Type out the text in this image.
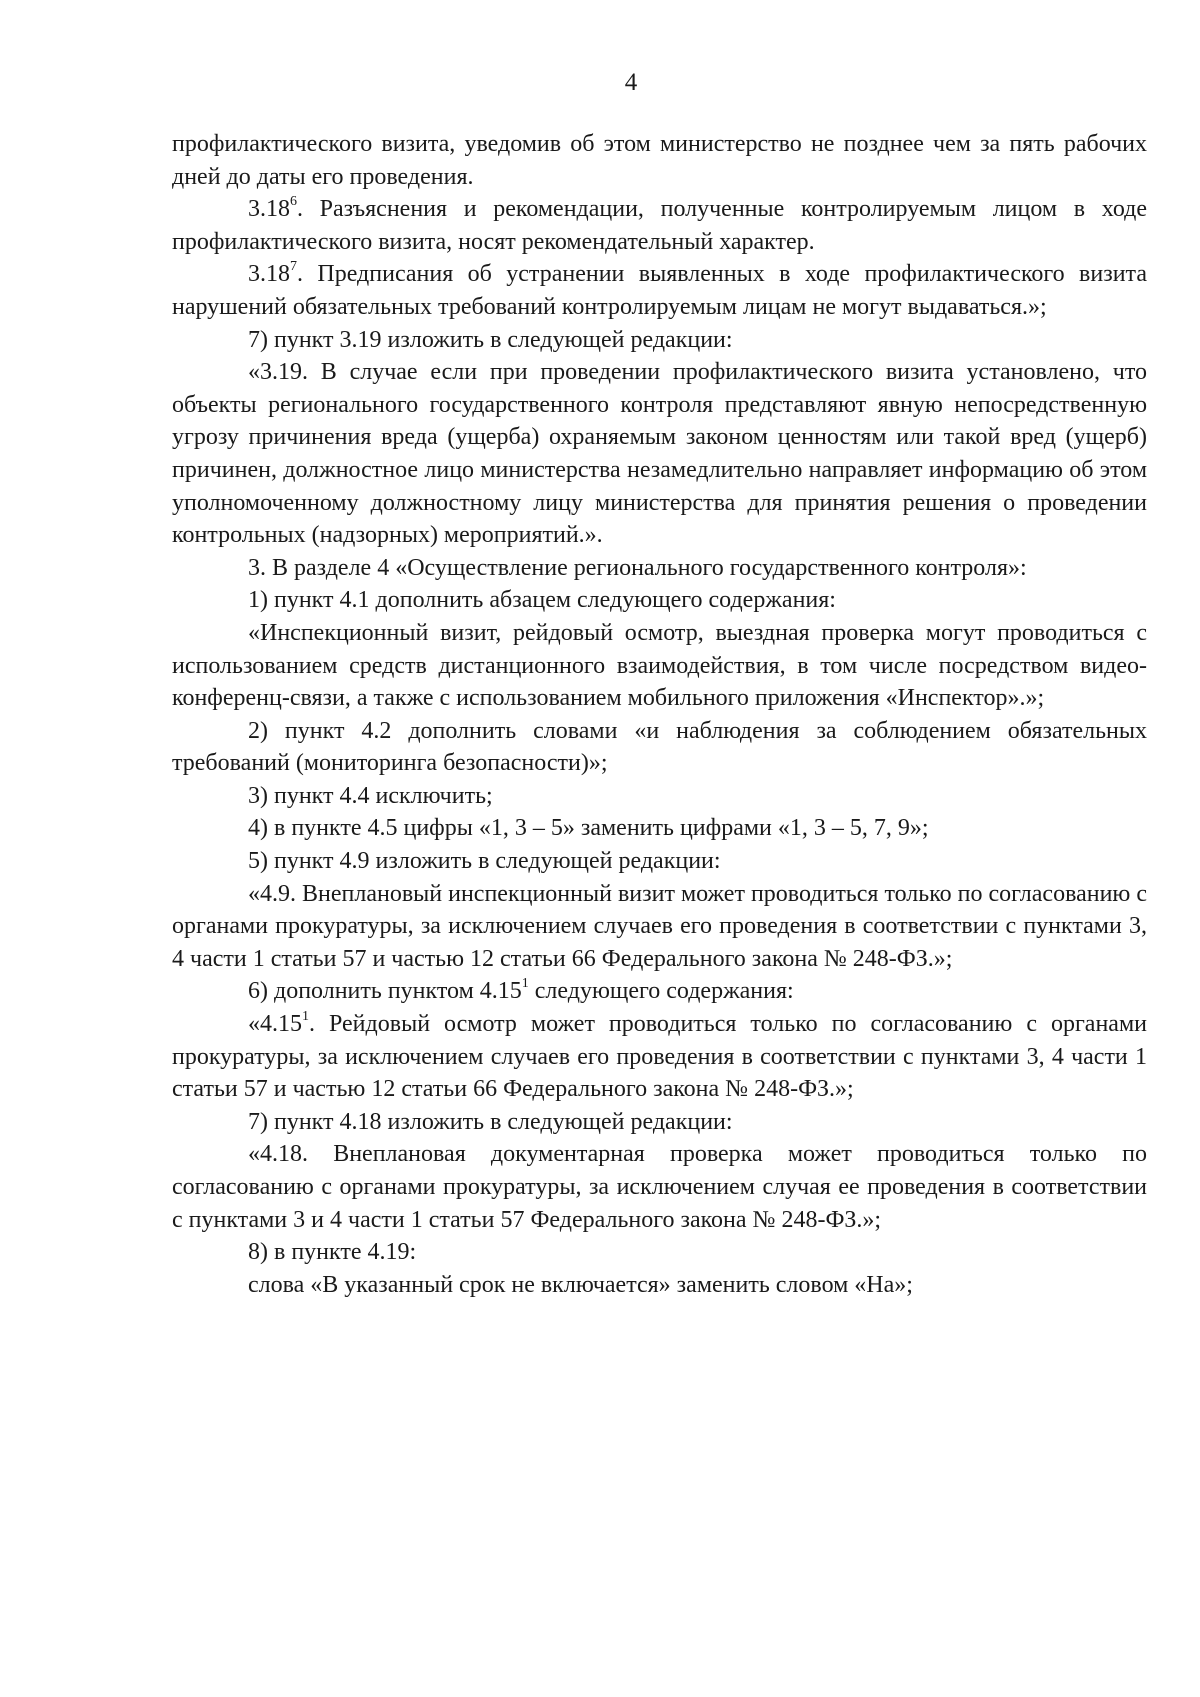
4

профилактического визита, уведомив об этом министерство не позднее чем за пять рабочих дней до даты его проведения.

3.18$^6$. Разъяснения и рекомендации, полученные контролируемым лицом в ходе профилактического визита, носят рекомендательный характер.

3.18$^7$. Предписания об устранении выявленных в ходе профилактического визита нарушений обязательных требований контролируемым лицам не могут выдаваться.»;

7) пункт 3.19 изложить в следующей редакции:

«3.19. В случае если при проведении профилактического визита установлено, что объекты регионального государственного контроля представляют явную непосредственную угрозу причинения вреда (ущерба) охраняемым законом ценностям или такой вред (ущерб) причинен, должностное лицо министерства незамедлительно направляет информацию об этом уполномоченному должностному лицу министерства для принятия решения о проведении контрольных (надзорных) мероприятий.».

3. В разделе 4 «Осуществление регионального государственного контроля»:

1) пункт 4.1 дополнить абзацем следующего содержания:

«Инспекционный визит, рейдовый осмотр, выездная проверка могут проводиться с использованием средств дистанционного взаимодействия, в том числе посредством видео-конференц-связи, а также с использованием мобильного приложения «Инспектор».»;

2) пункт 4.2 дополнить словами «и наблюдения за соблюдением обязательных требований (мониторинга безопасности)»;

3) пункт 4.4 исключить;

4) в пункте 4.5 цифры «1, 3 – 5» заменить цифрами «1, 3 – 5, 7, 9»;

5) пункт 4.9 изложить в следующей редакции:

«4.9. Внеплановый инспекционный визит может проводиться только по согласованию с органами прокуратуры, за исключением случаев его проведения в соответствии с пунктами 3, 4 части 1 статьи 57 и частью 12 статьи 66 Федерального закона № 248-ФЗ.»;

6) дополнить пунктом 4.15$^1$ следующего содержания:

«4.15$^1$. Рейдовый осмотр может проводиться только по согласованию с органами прокуратуры, за исключением случаев его проведения в соответствии с пунктами 3, 4 части 1 статьи 57 и частью 12 статьи 66 Федерального закона № 248-ФЗ.»;

7) пункт 4.18 изложить в следующей редакции:

«4.18. Внеплановая документарная проверка может проводиться только по согласованию с органами прокуратуры, за исключением случая ее проведения в соответствии с пунктами 3 и 4 части 1 статьи 57 Федерального закона № 248-ФЗ.»;

8) в пункте 4.19:

слова «В указанный срок не включается» заменить словом «На»;
